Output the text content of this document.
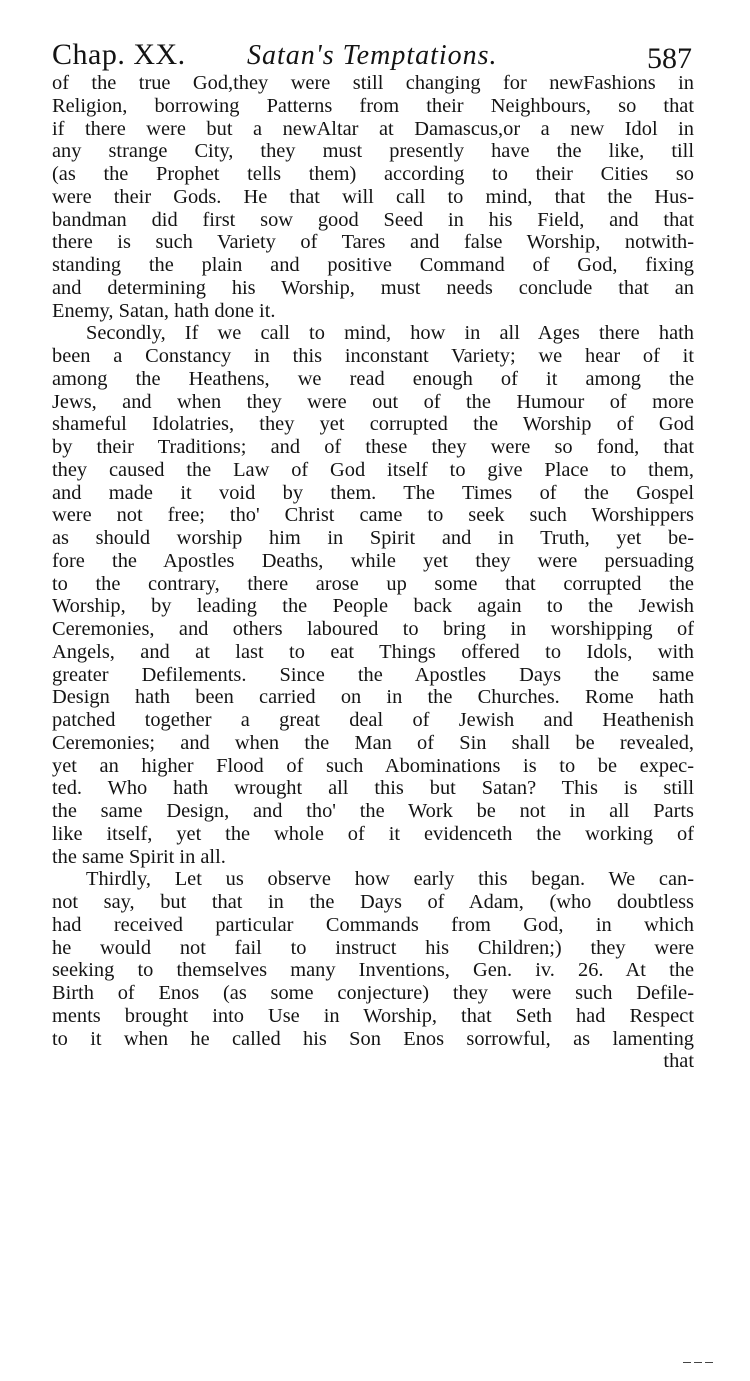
Chap. XX. Satan's Temptations.	587
of the true God,they were still changing for newFashions in
Religion, borrowing Patterns from their Neighbours, so that
if there were but a newAltar at Damascus,or a new Idol in
any strange City, they must presently have the like, till
(as the Prophet tells them) according to their Cities so
were their Gods. He that will call to mind, that the Hus-
bandman did first sow good Seed in his Field, and that
there is such Variety of Tares and false Worship, notwith-
standing the plain and positive Command of God, fixing
and determining his Worship, must needs conclude that an
Enemy, Satan, hath done it.
Secondly, If we call to mind, how in all Ages there hath
been a Constancy in this inconstant Variety; we hear of it
among the Heathens, we read enough of it among the
Jews, and when they were out of the Humour of more
shameful Idolatries, they yet corrupted the Worship of God
by their Traditions; and of these they were so fond, that
they caused the Law of God itself to give Place to them,
and made it void by them. The Times of the Gospel
were not free; tho' Christ came to seek such Worshippers
as should worship him in Spirit and in Truth, yet be-
fore the Apostles Deaths, while yet they were persuading
to the contrary, there arose up some that corrupted the
Worship, by leading the People back again to the Jewish
Ceremonies, and others laboured to bring in worshipping of
Angels, and at last to eat Things offered to Idols, with
greater Defilements. Since the Apostles Days the same
Design hath been carried on in the Churches. Rome hath
patched together a great deal of Jewish and Heathenish
Ceremonies; and when the Man of Sin shall be revealed,
yet an higher Flood of such Abominations is to be expec-
ted. Who hath wrought all this but Satan? This is still
the same Design, and tho' the Work be not in all Parts
like itself, yet the whole of it evidenceth the working of
the same Spirit in all.
Thirdly, Let us observe how early this began. We can-
not say, but that in the Days of Adam, (who doubtless
had received particular Commands from God, in which
he would not fail to instruct his Children;) they were
seeking to themselves many Inventions, Gen. iv. 26. At the
Birth of Enos (as some conjecture) they were such Defile-
ments brought into Use in Worship, that Seth had Respect
to it when he called his Son Enos sorrowful, as lamenting
that
